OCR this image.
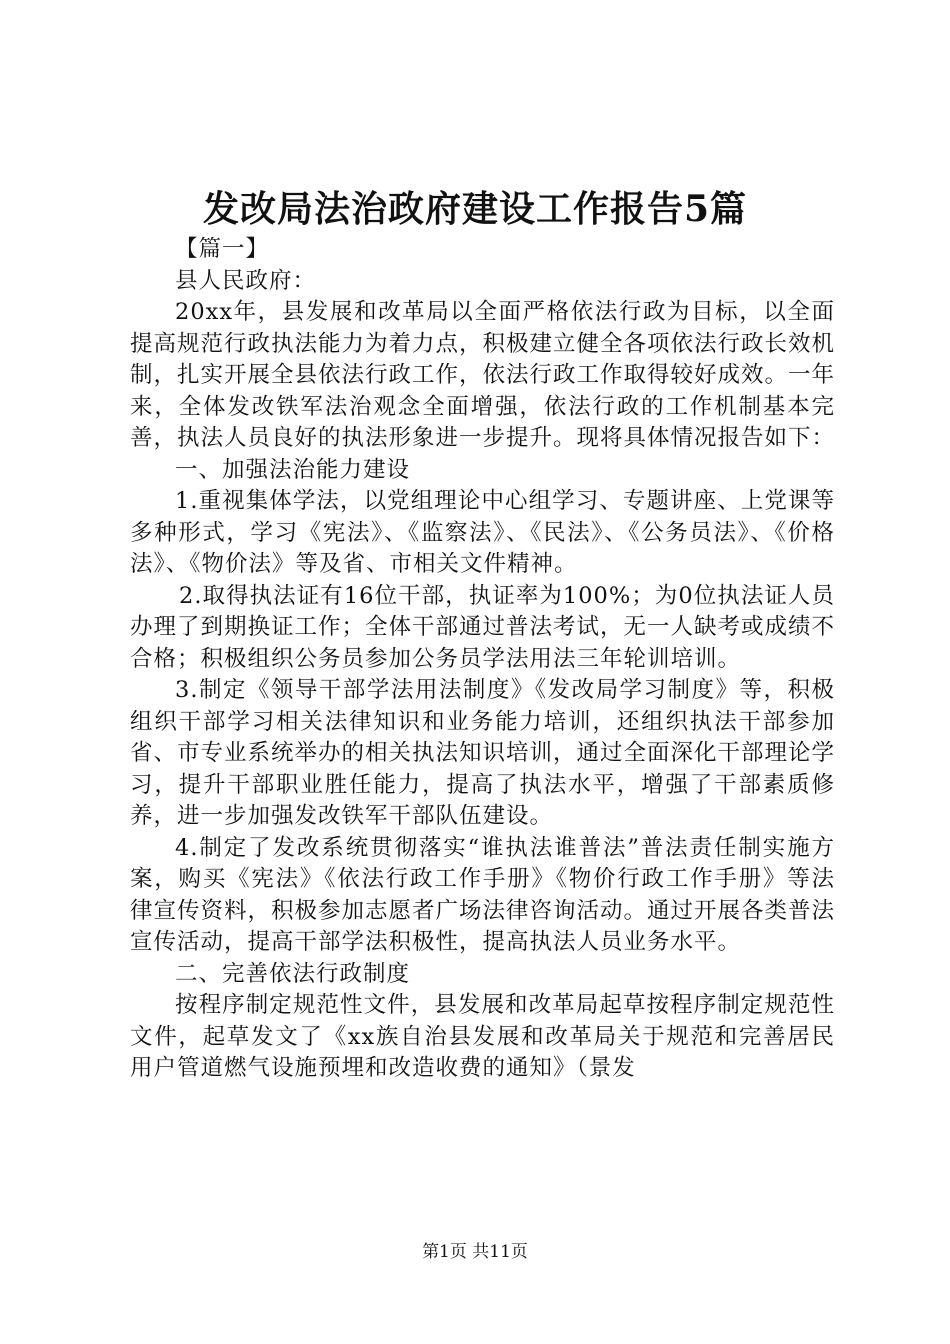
发改局法治政府建设工作报告5篇

【篇一】

县人民政府：

20xx年，县发展和改革局以全面严格依法行政为目标，以全面提高规范行政执法能力为着力点，积极建立健全各项依法行政长效机制，扎实开展全县依法行政工作，依法行政工作取得较好成效。一年来，全体发改铁军法治观念全面增强，依法行政的工作机制基本完善，执法人员良好的执法形象进一步提升。现将具体情况报告如下：

一、加强法治能力建设

1.重视集体学法，以党组理论中心组学习、专题讲座、上党课等多种形式，学习《宪法》、《监察法》、《民法》、《公务员法》、《价格法》、《物价法》等及省、市相关文件精神。

2.取得执法证有16位干部，执证率为100%；为0位执法证人员办理了到期换证工作；全体干部通过普法考试，无一人缺考或成绩不合格；积极组织公务员参加公务员学法用法三年轮训培训。

3.制定《领导干部学法用法制度》《发改局学习制度》等，积极组织干部学习相关法律知识和业务能力培训，还组织执法干部参加省、市专业系统举办的相关执法知识培训，通过全面深化干部理论学习，提升干部职业胜任能力，提高了执法水平，增强了干部素质修养，进一步加强发改铁军干部队伍建设。

4.制定了发改系统贯彻落实“谁执法谁普法”普法责任制实施方案，购买《宪法》《依法行政工作手册》《物价行政工作手册》等法律宣传资料，积极参加志愿者广场法律咨询活动。通过开展各类普法宣传活动，提高干部学法积极性，提高执法人员业务水平。

二、完善依法行政制度

按程序制定规范性文件，县发展和改革局起草按程序制定规范性文件，起草发文了《xx族自治县发展和改革局关于规范和完善居民用户管道燃气设施预埋和改造收费的通知》（景发

第1页 共11页
